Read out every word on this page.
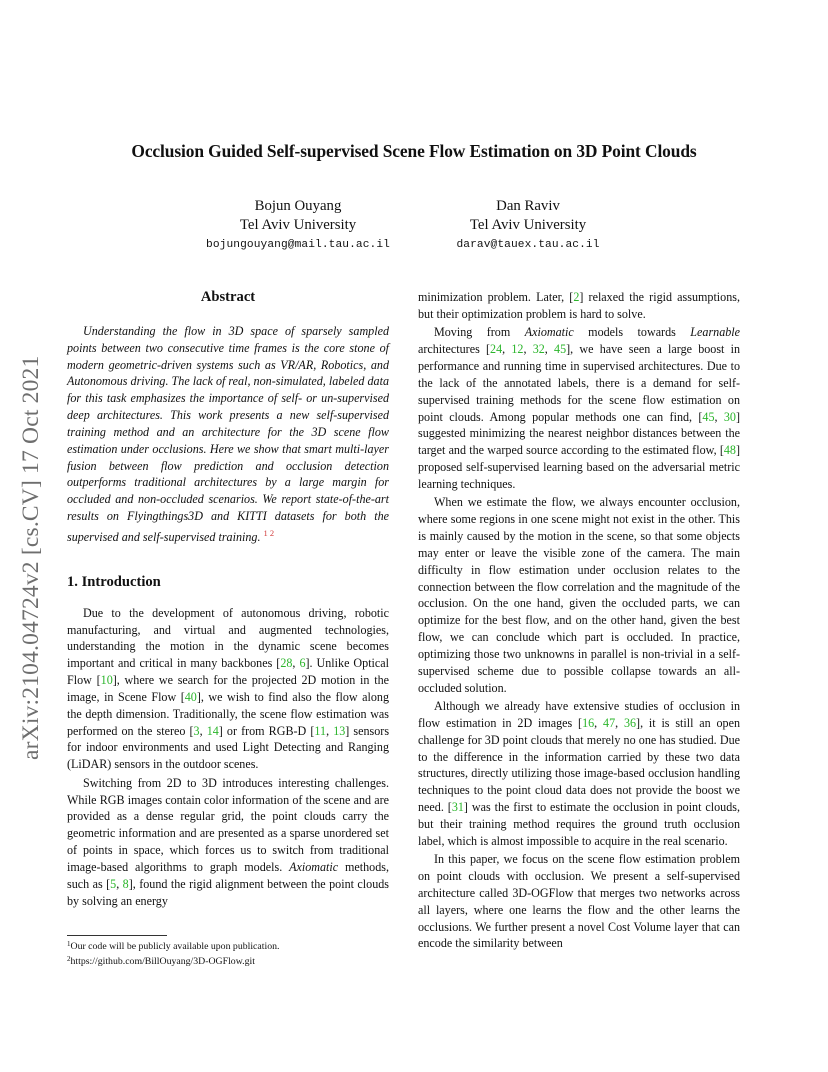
arXiv:2104.04724v2 [cs.CV] 17 Oct 2021
Occlusion Guided Self-supervised Scene Flow Estimation on 3D Point Clouds
Bojun Ouyang
Tel Aviv University
bojungouyang@mail.tau.ac.il
Dan Raviv
Tel Aviv University
darav@tauex.tau.ac.il
Abstract

Understanding the flow in 3D space of sparsely sampled points between two consecutive time frames is the core stone of modern geometric-driven systems such as VR/AR, Robotics, and Autonomous driving. The lack of real, non-simulated, labeled data for this task emphasizes the importance of self- or un-supervised deep architectures. This work presents a new self-supervised training method and an architecture for the 3D scene flow estimation under occlusions. Here we show that smart multi-layer fusion between flow prediction and occlusion detection outperforms traditional architectures by a large margin for occluded and non-occluded scenarios. We report state-of-the-art results on Flyingthings3D and KITTI datasets for both the supervised and self-supervised training. $^{1 2}$

1. Introduction

Due to the development of autonomous driving, robotic manufacturing, and virtual and augmented technologies, understanding the motion in the dynamic scene becomes important and critical in many backbones [28, 6]. Unlike Optical Flow [10], where we search for the projected 2D motion in the image, in Scene Flow [40], we wish to find also the flow along the depth dimension. Traditionally, the scene flow estimation was performed on the stereo [3, 14] or from RGB-D [11, 13] sensors for indoor environments and used Light Detecting and Ranging (LiDAR) sensors in the outdoor scenes.

Switching from 2D to 3D introduces interesting challenges. While RGB images contain color information of the scene and are provided as a dense regular grid, the point clouds carry the geometric information and are presented as a sparse unordered set of points in space, which forces us to switch from traditional image-based algorithms to graph models. Axiomatic methods, such as [5, 8], found the rigid alignment between the point clouds by solving an energy

minimization problem. Later, [2] relaxed the rigid assumptions, but their optimization problem is hard to solve.

Moving from Axiomatic models towards Learnable architectures [24, 12, 32, 45], we have seen a large boost in performance and running time in supervised architectures. Due to the lack of the annotated labels, there is a demand for self-supervised training methods for the scene flow estimation on point clouds. Among popular methods one can find, [45, 30] suggested minimizing the nearest neighbor distances between the target and the warped source according to the estimated flow, [48] proposed self-supervised learning based on the adversarial metric learning techniques.

When we estimate the flow, we always encounter occlusion, where some regions in one scene might not exist in the other. This is mainly caused by the motion in the scene, so that some objects may enter or leave the visible zone of the camera. The main difficulty in flow estimation under occlusion relates to the connection between the flow correlation and the magnitude of the occlusion. On the one hand, given the occluded parts, we can optimize for the best flow, and on the other hand, given the best flow, we can conclude which part is occluded. In practice, optimizing those two unknowns in parallel is non-trivial in a self-supervised scheme due to possible collapse towards an all-occluded solution.

Although we already have extensive studies of occlusion in flow estimation in 2D images [16, 47, 36], it is still an open challenge for 3D point clouds that merely no one has studied. Due to the difference in the information carried by these two data structures, directly utilizing those image-based occlusion handling techniques to the point cloud data does not provide the boost we need. [31] was the first to estimate the occlusion in point clouds, but their training method requires the ground truth occlusion label, which is almost impossible to acquire in the real scenario.

In this paper, we focus on the scene flow estimation problem on point clouds with occlusion. We present a self-supervised architecture called 3D-OGFlow that merges two networks across all layers, where one learns the flow and the other learns the occlusions. We further present a novel Cost Volume layer that can encode the similarity between

$^1$Our code will be publicly available upon publication.
$^2$https://github.com/BillOuyang/3D-OGFlow.git
